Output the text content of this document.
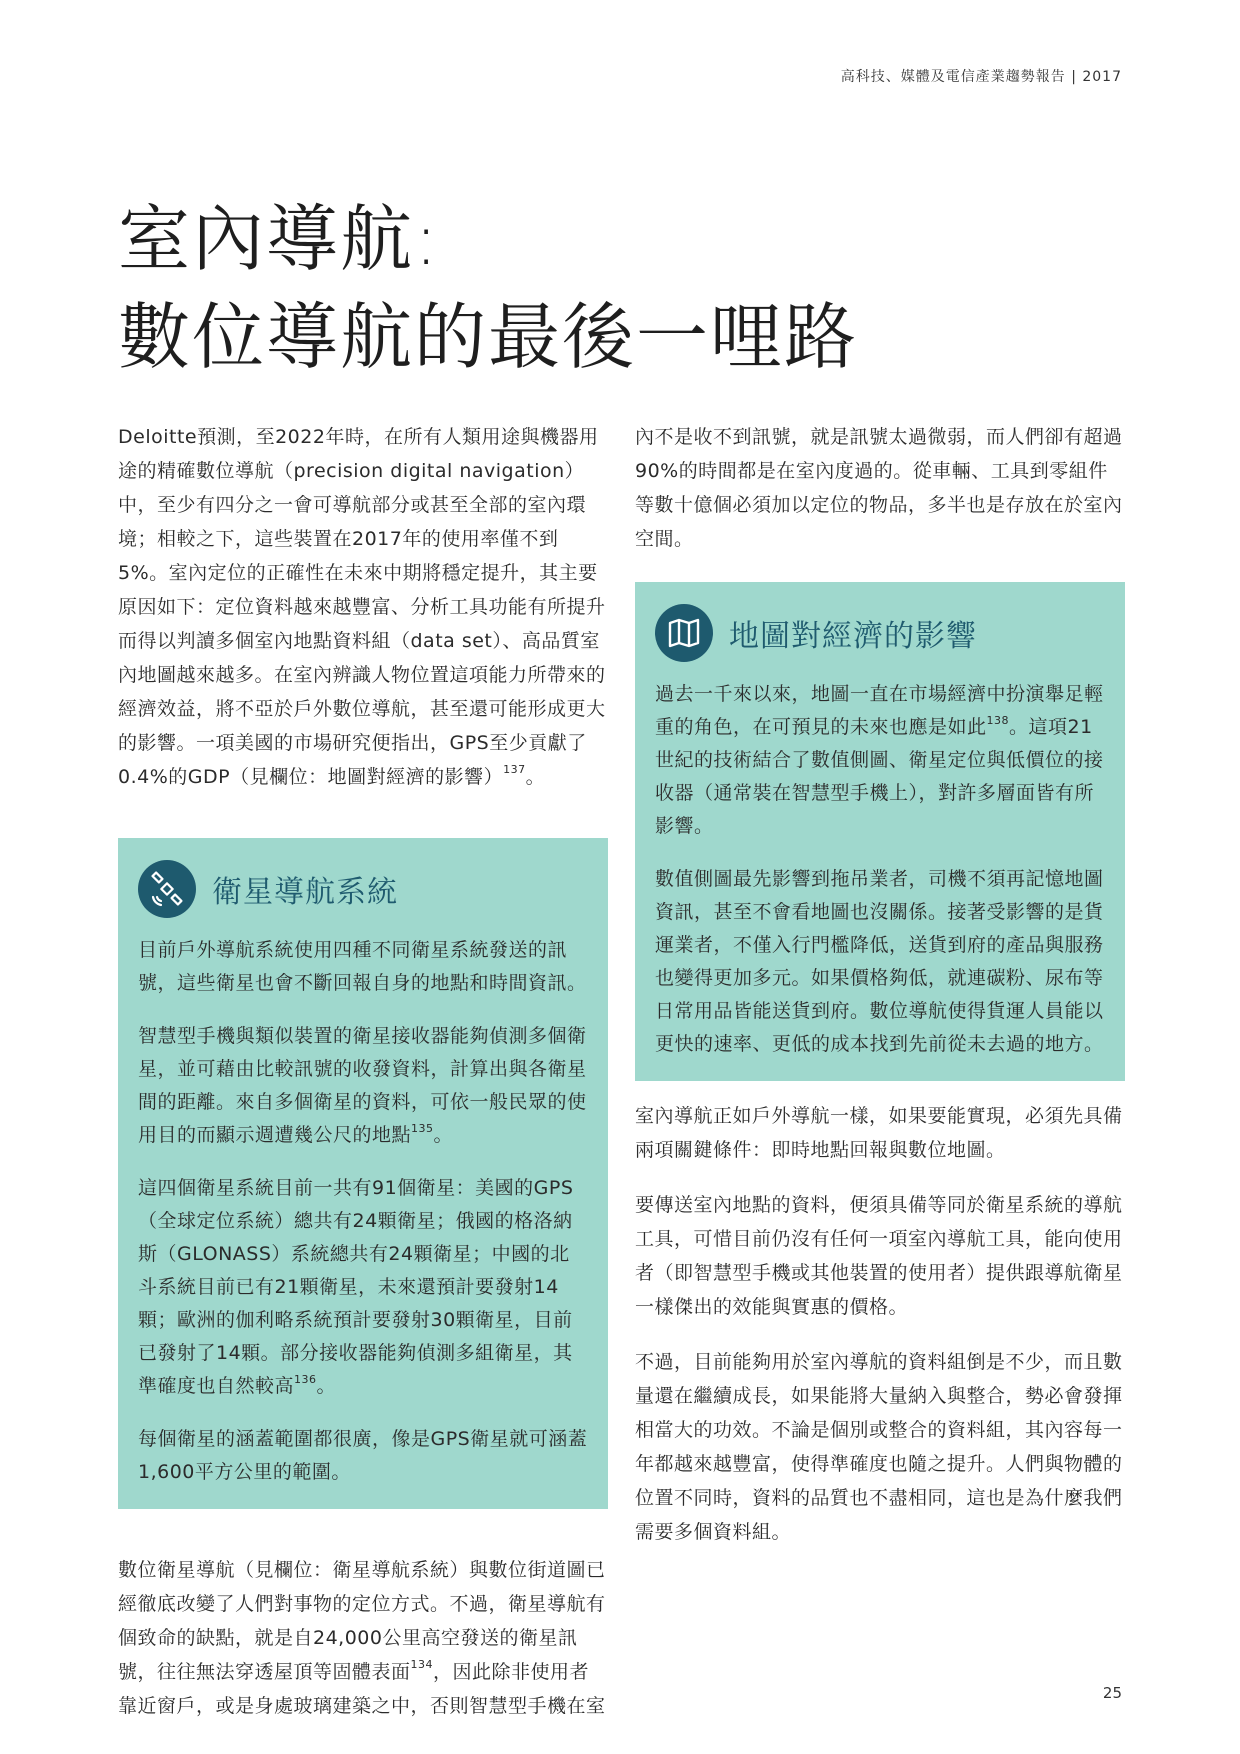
高科技、媒體及電信產業趨勢報告 | 2017
室內導航:
數位導航的最後一哩路

Deloitte預測，至2022年時，在所有人類用途與機器用途的精確數位導航（precision digital navigation）中，至少有四分之一會可導航部分或甚至全部的室內環境；相較之下，這些裝置在2017年的使用率僅不到5%。室內定位的正確性在未來中期將穩定提升，其主要原因如下：定位資料越來越豐富、分析工具功能有所提升而得以判讀多個室內地點資料組（data set）、高品質室內地圖越來越多。在室內辨識人物位置這項能力所帶來的經濟效益，將不亞於戶外數位導航，甚至還可能形成更大的影響。一項美國的市場研究便指出，GPS至少貢獻了0.4%的GDP（見欄位：地圖對經濟的影響）$^{137}$。

衛星導航系統

目前戶外導航系統使用四種不同衛星系統發送的訊號，這些衛星也會不斷回報自身的地點和時間資訊。

智慧型手機與類似裝置的衛星接收器能夠偵測多個衛星，並可藉由比較訊號的收發資料，計算出與各衛星間的距離。來自多個衛星的資料，可依一般民眾的使用目的而顯示週遭幾公尺的地點$^{135}$。

這四個衛星系統目前一共有91個衛星：美國的GPS（全球定位系統）總共有24顆衛星；俄國的格洛納斯（GLONASS）系統總共有24顆衛星；中國的北斗系統目前已有21顆衛星，未來還預計要發射14顆；歐洲的伽利略系統預計要發射30顆衛星，目前已發射了14顆。部分接收器能夠偵測多組衛星，其準確度也自然較高$^{136}$。

每個衛星的涵蓋範圍都很廣，像是GPS衛星就可涵蓋1,600平方公里的範圍。

數位衛星導航（見欄位：衛星導航系統）與數位街道圖已經徹底改變了人們對事物的定位方式。不過，衛星導航有個致命的缺點，就是自24,000公里高空發送的衛星訊號，往往無法穿透屋頂等固體表面$^{134}$，因此除非使用者靠近窗戶，或是身處玻璃建築之中，否則智慧型手機在室

內不是收不到訊號，就是訊號太過微弱，而人們卻有超過90%的時間都是在室內度過的。從車輛、工具到零組件等數十億個必須加以定位的物品，多半也是存放在於室內空間。

地圖對經濟的影響

過去一千來以來，地圖一直在市場經濟中扮演舉足輕重的角色，在可預見的未來也應是如此$^{138}$。這項21世紀的技術結合了數值側圖、衛星定位與低價位的接收器（通常裝在智慧型手機上），對許多層面皆有所影響。

數值側圖最先影響到拖吊業者，司機不須再記憶地圖資訊，甚至不會看地圖也沒關係。接著受影響的是貨運業者，不僅入行門檻降低，送貨到府的產品與服務也變得更加多元。如果價格夠低，就連碳粉、尿布等日常用品皆能送貨到府。數位導航使得貨運人員能以更快的速率、更低的成本找到先前從未去過的地方。

室內導航正如戶外導航一樣，如果要能實現，必須先具備兩項關鍵條件：即時地點回報與數位地圖。

要傳送室內地點的資料，便須具備等同於衛星系統的導航工具，可惜目前仍沒有任何一項室內導航工具，能向使用者（即智慧型手機或其他裝置的使用者）提供跟導航衛星一樣傑出的效能與實惠的價格。

不過，目前能夠用於室內導航的資料組倒是不少，而且數量還在繼續成長，如果能將大量納入與整合，勢必會發揮相當大的功效。不論是個別或整合的資料組，其內容每一年都越來越豐富，使得準確度也隨之提升。人們與物體的位置不同時，資料的品質也不盡相同，這也是為什麼我們需要多個資料組。

25
